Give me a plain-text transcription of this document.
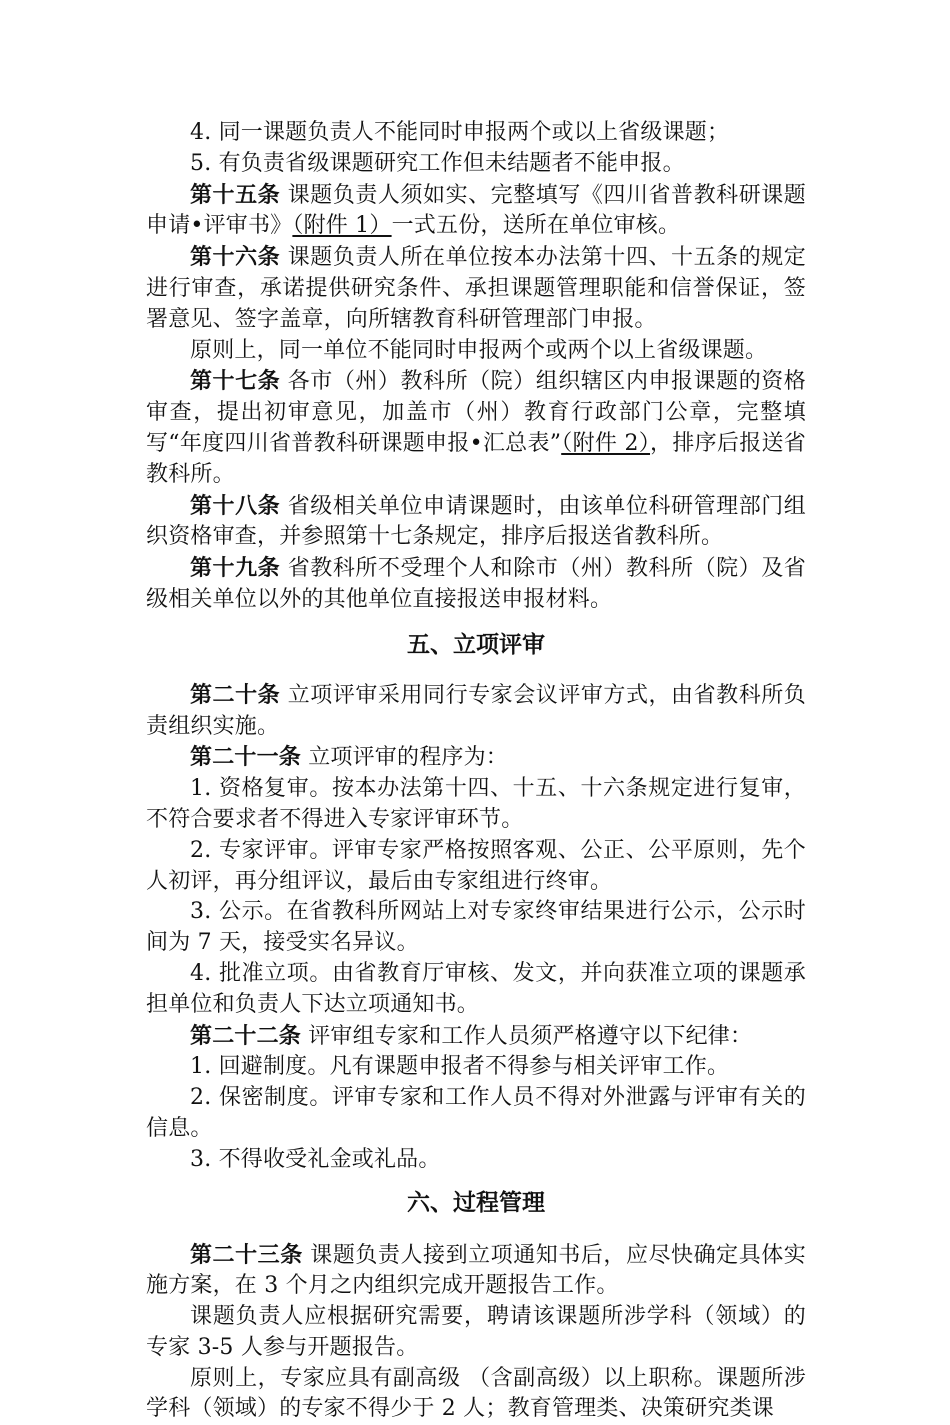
4. 同一课题负责人不能同时申报两个或以上省级课题；

5. 有负责省级课题研究工作但未结题者不能申报。

第十五条 课题负责人须如实、完整填写《四川省普教科研课题申请•评审书》（附件 1）一式五份，送所在单位审核。

第十六条 课题负责人所在单位按本办法第十四、十五条的规定进行审查，承诺提供研究条件、承担课题管理职能和信誉保证，签署意见、签字盖章，向所辖教育科研管理部门申报。

原则上，同一单位不能同时申报两个或两个以上省级课题。

第十七条 各市（州）教科所（院）组织辖区内申报课题的资格审查，提出初审意见，加盖市（州）教育行政部门公章，完整填写“年度四川省普教科研课题申报•汇总表”（附件 2），排序后报送省教科所。

第十八条 省级相关单位申请课题时，由该单位科研管理部门组织资格审查，并参照第十七条规定，排序后报送省教科所。

第十九条 省教科所不受理个人和除市（州）教科所（院）及省级相关单位以外的其他单位直接报送申报材料。

五、立项评审

第二十条 立项评审采用同行专家会议评审方式，由省教科所负责组织实施。

第二十一条 立项评审的程序为：

1. 资格复审。按本办法第十四、十五、十六条规定进行复审，不符合要求者不得进入专家评审环节。

2. 专家评审。评审专家严格按照客观、公正、公平原则，先个人初评，再分组评议，最后由专家组进行终审。

3. 公示。在省教科所网站上对专家终审结果进行公示，公示时间为 7 天，接受实名异议。

4. 批准立项。由省教育厅审核、发文，并向获准立项的课题承担单位和负责人下达立项通知书。

第二十二条 评审组专家和工作人员须严格遵守以下纪律：

1. 回避制度。凡有课题申报者不得参与相关评审工作。

2. 保密制度。评审专家和工作人员不得对外泄露与评审有关的信息。

3. 不得收受礼金或礼品。

六、过程管理

第二十三条 课题负责人接到立项通知书后，应尽快确定具体实施方案，在 3 个月之内组织完成开题报告工作。

课题负责人应根据研究需要，聘请该课题所涉学科（领域）的专家 3-5 人参与开题报告。

原则上，专家应具有副高级 （含副高级）以上职称。课题所涉学科（领域）的专家不得少于 2 人；教育管理类、决策研究类课
